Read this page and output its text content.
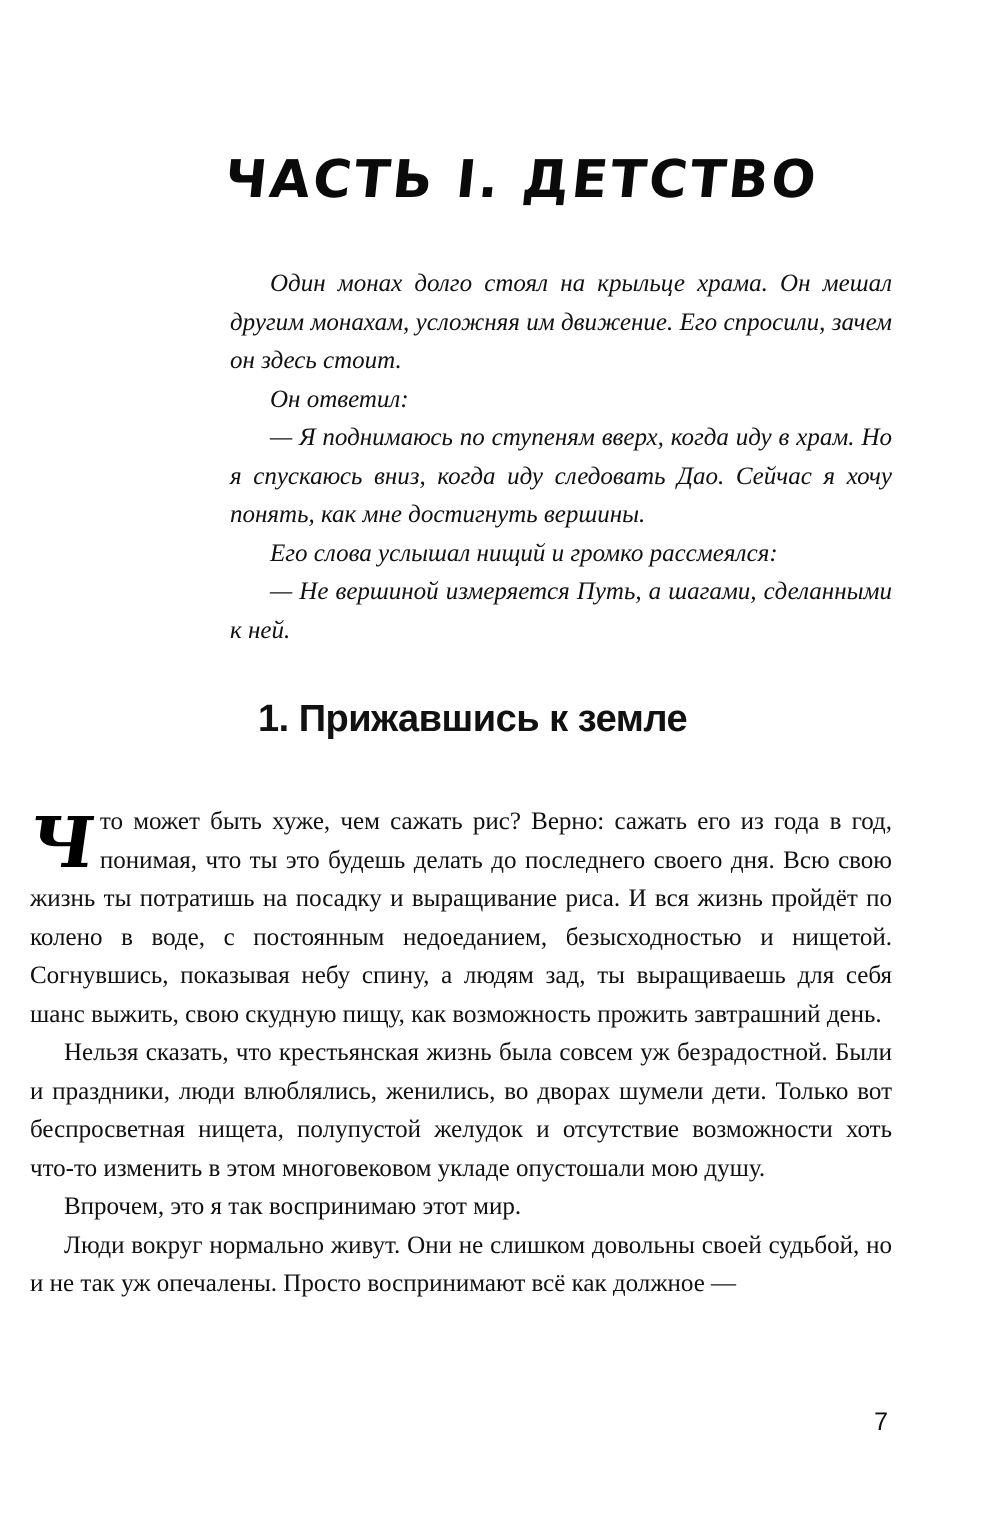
ЧАСТЬ I. ДЕТСТВО

Один монах долго стоял на крыльце храма. Он мешал другим монахам, усложняя им движение. Его спросили, зачем он здесь стоит.

Он ответил:

— Я поднимаюсь по ступеням вверх, когда иду в храм. Но я спускаюсь вниз, когда иду следовать Дао. Сейчас я хочу понять, как мне достигнуть вершины.

Его слова услышал нищий и громко рассмеялся:

— Не вершиной измеряется Путь, а шагами, сделанными к ней.

1. Прижавшись к земле

Что может быть хуже, чем сажать рис? Верно: сажать его из года в год, понимая, что ты это будешь делать до последнего своего дня. Всю свою жизнь ты потратишь на посадку и выращивание риса. И вся жизнь пройдёт по колено в воде, с постоянным недоеданием, безысходностью и нищетой. Согнувшись, показывая небу спину, а людям зад, ты выращиваешь для себя шанс выжить, свою скудную пищу, как возможность прожить завтрашний день.

Нельзя сказать, что крестьянская жизнь была совсем уж безрадостной. Были и праздники, люди влюблялись, женились, во дворах шумели дети. Только вот беспросветная нищета, полупустой желудок и отсутствие возможности хоть что-то изменить в этом многовековом укладе опустошали мою душу.

Впрочем, это я так воспринимаю этот мир.

Люди вокруг нормально живут. Они не слишком довольны своей судьбой, но и не так уж опечалены. Просто воспринимают всё как должное —

7
